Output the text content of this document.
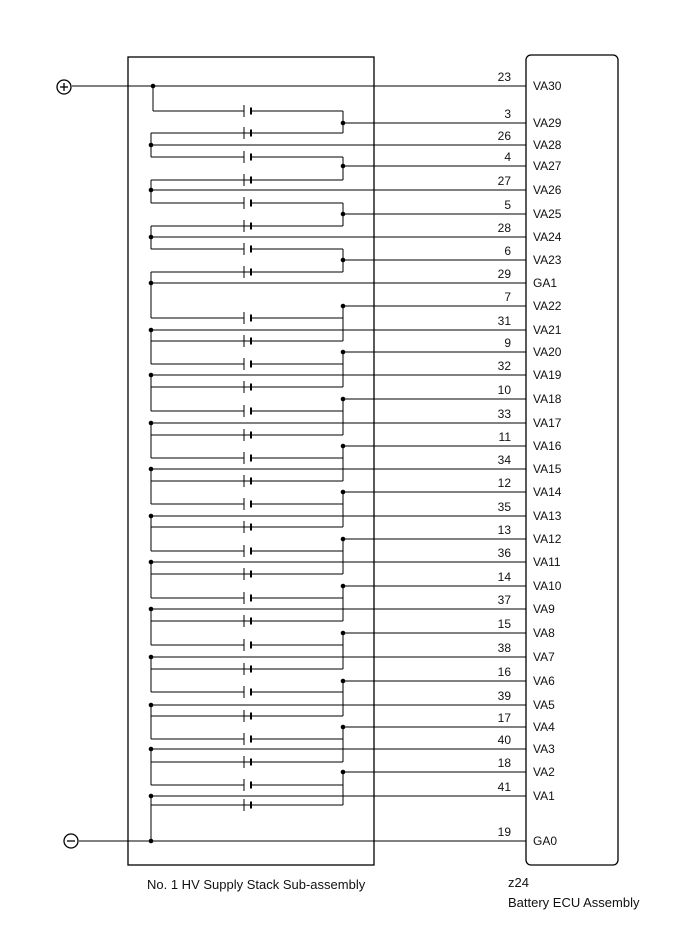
23
VA30
3
VA29
26
VA28
4
VA27
27
VA26
5
VA25
28
VA24
6
VA23
29
GA1
7
VA22
31
VA21
9
VA20
32
VA19
10
VA18
33
VA17
11
VA16
34
VA15
12
VA14
35
VA13
13
VA12
36
VA11
14
VA10
37
VA9
15
VA8
38
VA7
16
VA6
39
VA5
17
VA4
40
VA3
18
VA2
41
VA1
19
GA0
No. 1 HV Supply Stack Sub-assembly	z24
Battery ECU Assembly
